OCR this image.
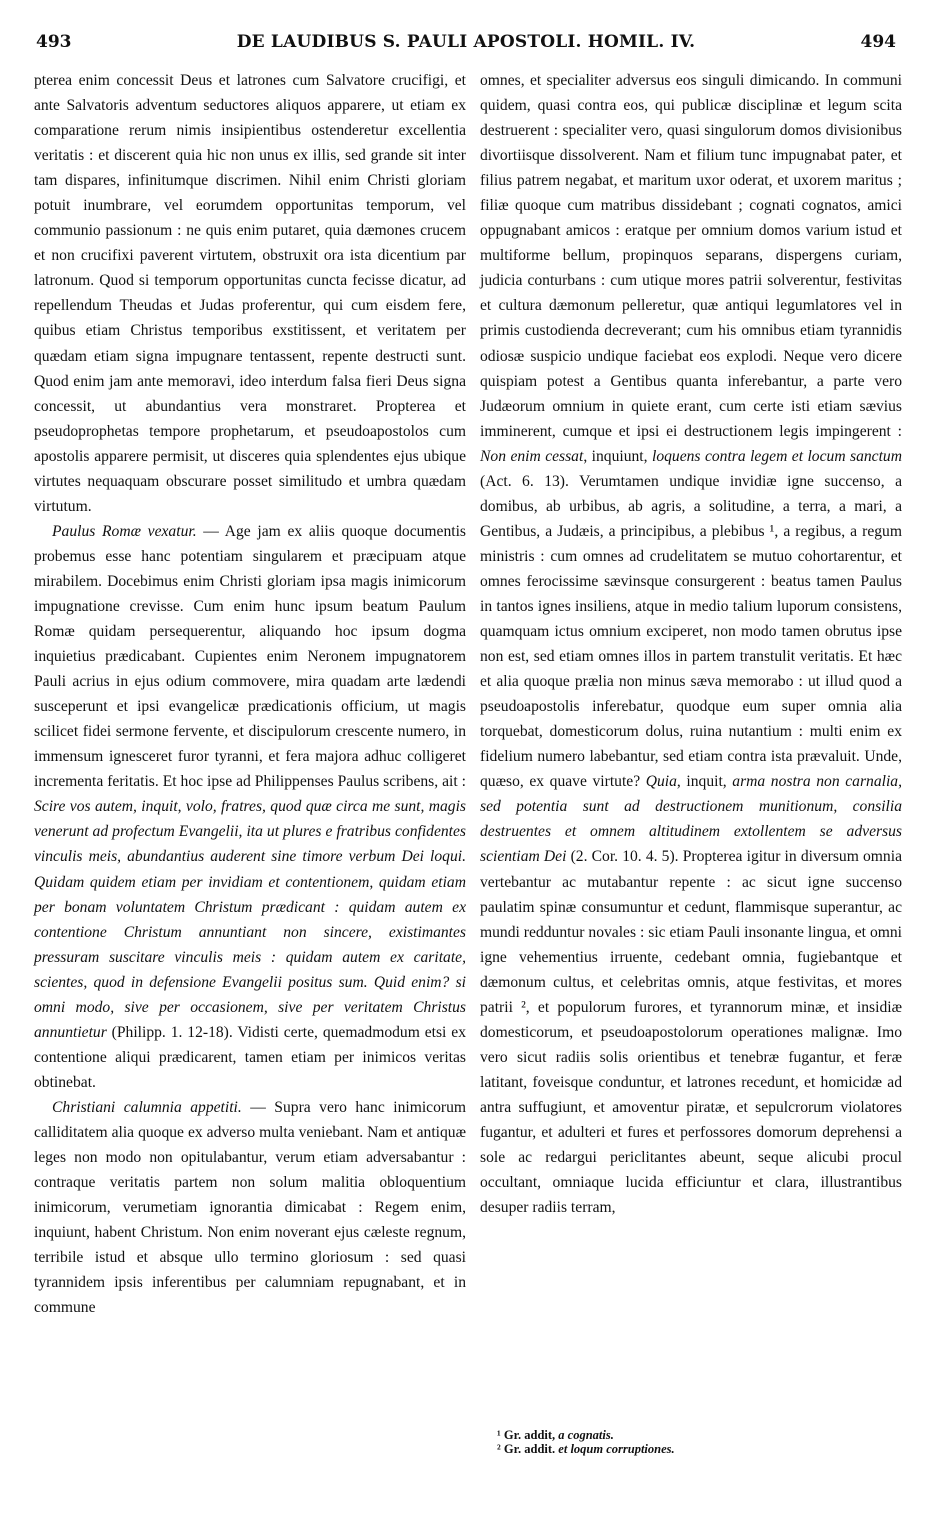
493	DE LAUDIBUS S. PAULI APOSTOLI. HOMIL. IV.	494

pterea enim concessit Deus et latrones cum Salvatore crucifigi, et ante Salvatoris adventum seductores aliquos apparere, ut etiam ex comparatione rerum nimis insipientibus ostenderetur excellentia veritatis : et discerent quia hic non unus ex illis, sed grande sit inter tam dispares, infinitumque discrimen. Nihil enim Christi gloriam potuit inumbrare, vel eorumdem opportunitas temporum, vel communio passionum : ne quis enim putaret, quia dæmones crucem et non crucifixi paverent virtutem, obstruxit ora ista dicentium par latronum. Quod si temporum opportunitas cuncta fecisse dicatur, ad repellendum Theudas et Judas proferentur, qui cum eisdem fere, quibus etiam Christus temporibus exstitissent, et veritatem per quædam etiam signa impugnare tentassent, repente destructi sunt. Quod enim jam ante memoravi, ideo interdum falsa fieri Deus signa concessit, ut abundantius vera monstraret. Propterea et pseudoprophetas tempore prophetarum, et pseudoapostolos cum apostolis apparere permisit, ut disceres quia splendentes ejus ubique virtutes nequaquam obscurare posset similitudo et umbra quædam virtutum.

Paulus Romæ vexatur. — Age jam ex aliis quoque documentis probemus esse hanc potentiam singularem et præcipuam atque mirabilem. Docebimus enim Christi gloriam ipsa magis inimicorum impugnatione crevisse. Cum enim hunc ipsum beatum Paulum Romæ quidam persequerentur, aliquando hoc ipsum dogma inquietius prædicabant. Cupientes enim Neronem impugnatorem Pauli acrius in ejus odium commovere, mira quadam arte lædendi susceperunt et ipsi evangelicæ prædicationis officium, ut magis scilicet fidei sermone fervente, et discipulorum crescente numero, in immensum ignesceret furor tyranni, et fera majora adhuc colligeret incrementa feritatis. Et hoc ipse ad Philippenses Paulus scribens, ait : Scire vos autem, inquit, volo, fratres, quod quæ circa me sunt, magis venerunt ad profectum Evangelii, ita ut plures e fratribus confidentes vinculis meis, abundantius auderent sine timore verbum Dei loqui. Quidam quidem etiam per invidiam et contentionem, quidam etiam per bonam voluntatem Christum prædicant : quidam autem ex contentione Christum annuntiant non sincere, existimantes pressuram suscitare vinculis meis : quidam autem ex caritate, scientes, quod in defensione Evangelii positus sum. Quid enim? si omni modo, sive per occasionem, sive per veritatem Christus annuntietur (Philipp. 1. 12-18). Vidisti certe, quemadmodum etsi ex contentione aliqui prædicarent, tamen etiam per inimicos veritas obtinebat.

Christiani calumnia appetiti. — Supra vero hanc inimicorum calliditatem alia quoque ex adverso multa veniebant. Nam et antiquæ leges non modo non opitulabantur, verum etiam adversabantur : contraque veritatis partem non solum malitia obloquentium inimicorum, verumetiam ignorantia dimicabat : Regem enim, inquiunt, habent Christum. Non enim noverant ejus cæleste regnum, terribile istud et absque ullo termino gloriosum : sed quasi tyrannidem ipsis inferentibus per calumniam repugnabant, et in commune

omnes, et specialiter adversus eos singuli dimicando. In communi quidem, quasi contra eos, qui publicæ disciplinæ et legum scita destruerent : specialiter vero, quasi singulorum domos divisionibus divortiisque dissolverent. Nam et filium tunc impugnabat pater, et filius patrem negabat, et maritum uxor oderat, et uxorem maritus ; filiæ quoque cum matribus dissidebant ; cognati cognatos, amici oppugnabant amicos : eratque per omnium domos varium istud et multiforme bellum, propinquos separans, dispergens curiam, judicia conturbans : cum utique mores patrii solverentur, festivitas et cultura dæmonum pelleretur, quæ antiqui legumlatores vel in primis custodienda decreverant; cum his omnibus etiam tyrannidis odiosæ suspicio undique faciebat eos explodi. Neque vero dicere quispiam potest a Gentibus quanta inferebantur, a parte vero Judæorum omnium in quiete erant, cum certe isti etiam sævius imminerent, cumque et ipsi ei destructionem legis impingerent : Non enim cessat, inquiunt, loquens contra legem et locum sanctum (Act. 6. 13). Verumtamen undique invidiæ igne succenso, a domibus, ab urbibus, ab agris, a solitudine, a terra, a mari, a Gentibus, a Judæis, a principibus, a plebibus ¹, a regibus, a regum ministris : cum omnes ad crudelitatem se mutuo cohortarentur, et omnes ferocissime sævinsque consurgerent : beatus tamen Paulus in tantos ignes insiliens, atque in medio talium luporum consistens, quamquam ictus omnium exciperet, non modo tamen obrutus ipse non est, sed etiam omnes illos in partem transtulit veritatis. Et hæc et alia quoque prælia non minus sæva memorabo : ut illud quod a pseudoapostolis inferebatur, quodque eum super omnia alia torquebat, domesticorum dolus, ruina nutantium : multi enim ex fidelium numero labebantur, sed etiam contra ista prævaluit. Unde, quæso, ex quave virtute? Quia, inquit, arma nostra non carnalia, sed potentia sunt ad destructionem munitionum, consilia destruentes et omnem altitudinem extollentem se adversus scientiam Dei (2. Cor. 10. 4. 5). Propterea igitur in diversum omnia vertebantur ac mutabantur repente : ac sicut igne succenso paulatim spinæ consumuntur et cedunt, flammisque superantur, ac mundi redduntur novales : sic etiam Pauli insonante lingua, et omni igne vehementius irruente, cedebant omnia, fugiebantque et dæmonum cultus, et celebritas omnis, atque festivitas, et mores patrii ², et populorum furores, et tyrannorum minæ, et insidiæ domesticorum, et pseudoapostolorum operationes malignæ. Imo vero sicut radiis solis orientibus et tenebræ fugantur, et feræ latitant, foveisque conduntur, et latrones recedunt, et homicidæ ad antra suffugiunt, et amoventur piratæ, et sepulcrorum violatores fugantur, et adulteri et fures et perfossores domorum deprehensi a sole ac redargui periclitantes abeunt, seque alicubi procul occultant, omniaque lucida efficiuntur et clara, illustrantibus desuper radiis terram,

¹ Gr. addit, a cognatis.
² Gr. addit. et loqum corruptiones.
